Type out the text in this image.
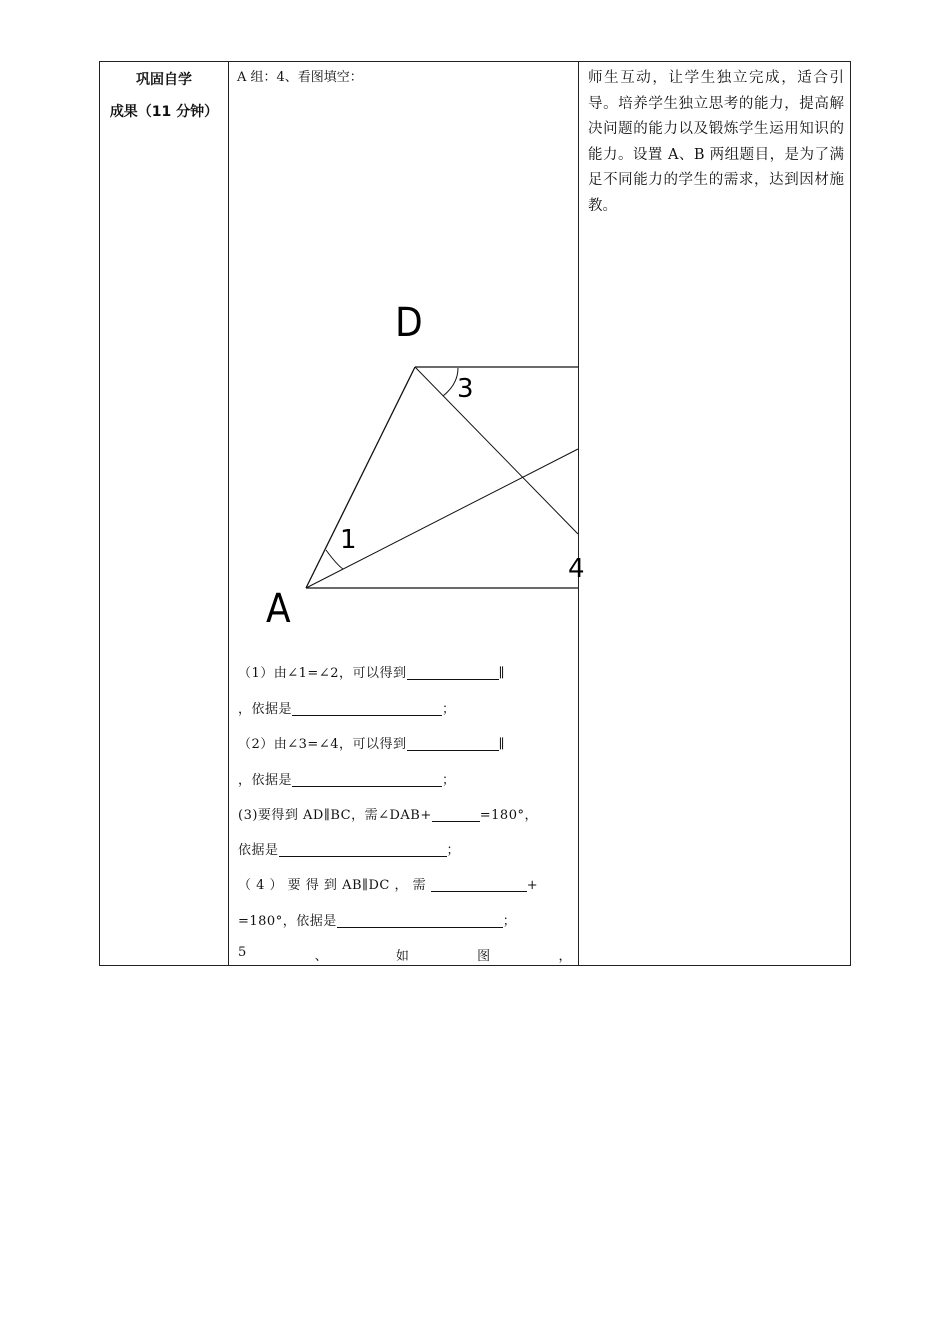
巩固自学
成果（11 分钟）
A 组：4、看图填空：
D
A
1
3
4
（1）由∠1=∠2，可以得到	∥
，依据是	；
（2）由∠3=∠4，可以得到	∥
，依据是	；
(3)要得到 AD∥BC，需∠DAB+	=180°，
依据是	；
（ 4 ） 要 得 到 AB∥DC ， 需	+
=180°，依据是	；
5	、	如	图	，
师生互动，让学生独立完成，适合引导。培养学生独立思考的能力，提高解决问题的能力以及锻炼学生运用知识的能力。设置 A、B 两组题目，是为了满足不同能力的学生的需求，达到因材施教。
